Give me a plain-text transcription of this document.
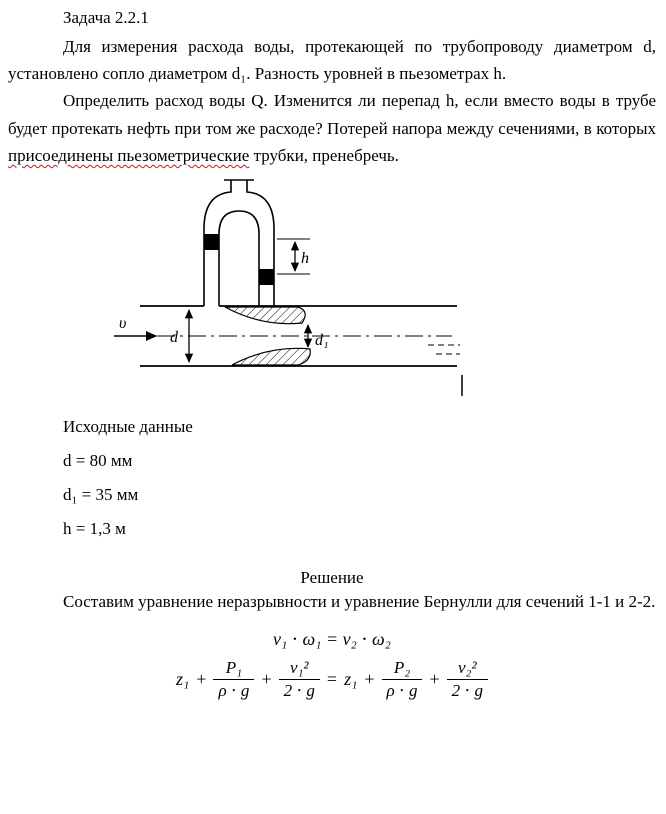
Задача 2.2.1

Для измерения расхода воды, протекающей по трубопроводу диаметром d, установлено сопло диаметром d₁. Разность уровней в пьезометрах h.

Определить расход воды Q. Изменится ли перепад h, если вместо воды в трубе будет протекать нефть при том же расходе? Потерей напора между сечениями, в которых присоединены пьезометрические трубки, пренебречь.

υ
d	d₁
h

Исходные данные

d = 80 мм

d₁ = 35 мм

h = 1,3 м

Решение

Составим уравнение неразрывности и уравнение Бернулли для сечений 1-1 и 2-2.

v₁ ⋅ ω₁ = v₂ ⋅ ω₂
$z_1 + \frac{\text{P₁}}{\rho \cdot g} + \frac{\text{v₁²}}{2 \cdot g} = z_1 + \frac{\text{P₂}}{\rho \cdot g} + \frac{\text{v₂²}}{2 \cdot g}$
